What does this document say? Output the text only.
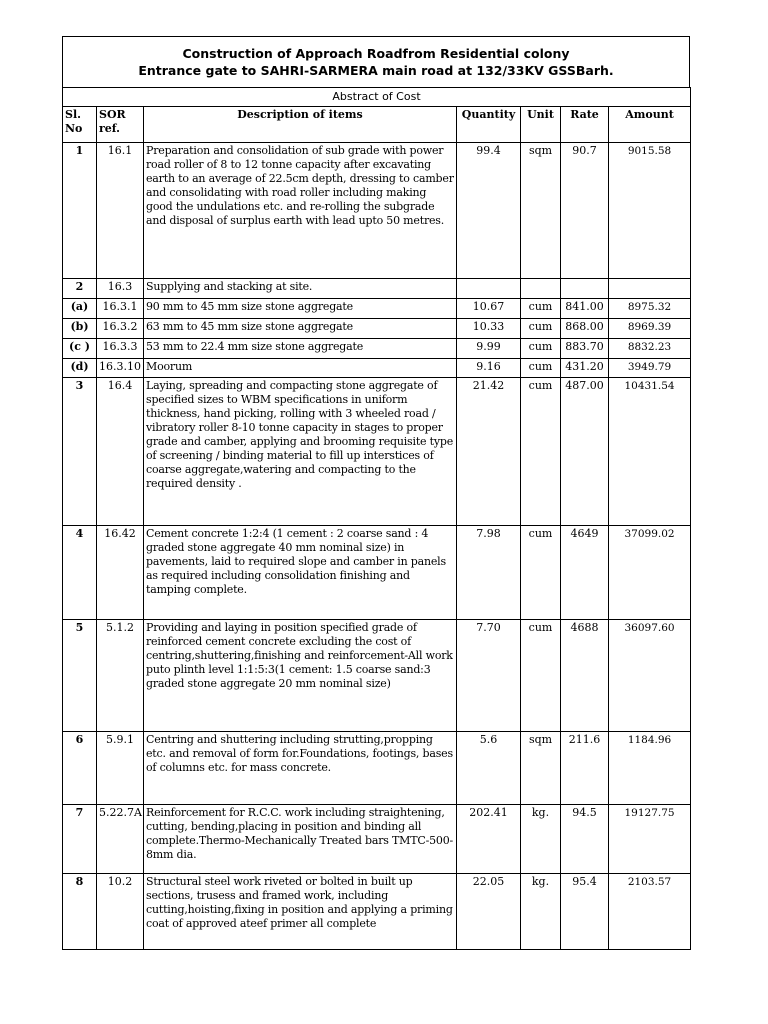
Construction of Approach Roadfrom Residential colony
Entrance gate to SAHRI-SARMERA main road at 132/33KV GSSBarh.
Abstract of Cost						
Sl. No	SOR ref.	Description of items	Quantity	Unit	Rate	Amount
1	16.1	Preparation and consolidation of sub grade with power road roller of 8 to 12 tonne capacity after excavating earth to an average of 22.5cm depth, dressing to camber and consolidating with road roller including making good the undulations etc. and re-rolling the subgrade and disposal of surplus earth with lead upto 50 metres.	99.4	sqm	90.7	9015.58
2	16.3	Supplying and stacking at site.				
(a)	16.3.1	90 mm to 45 mm size stone aggregate	10.67	cum	841.00	8975.32
(b)	16.3.2	63 mm to 45 mm size stone aggregate	10.33	cum	868.00	8969.39
(c )	16.3.3	53 mm to 22.4 mm size stone aggregate	9.99	cum	883.70	8832.23
(d)	16.3.10	Moorum	9.16	cum	431.20	3949.79
3	16.4	Laying, spreading and compacting stone aggregate of specified sizes to WBM specifications in uniform thickness, hand picking, rolling with 3 wheeled road / vibratory roller 8-10 tonne capacity in stages to proper grade and camber, applying and brooming requisite type of screening / binding material to fill up interstices of coarse aggregate,watering and compacting to the required density .	21.42	cum	487.00	10431.54
4	16.42	Cement concrete 1:2:4 (1 cement : 2 coarse sand : 4 graded stone aggregate 40 mm nominal size) in pavements, laid to required slope and camber in panels as required including consolidation finishing and tamping complete.	7.98	cum	4649	37099.02
5	5.1.2	Providing and laying in position specified grade of reinforced cement concrete excluding the cost of centring,shuttering,finishing and reinforcement-All work puto plinth level 1:1:5:3(1 cement: 1.5 coarse sand:3 graded stone aggregate 20 mm nominal size)	7.70	cum	4688	36097.60
6	5.9.1	Centring and shuttering including strutting,propping etc. and removal of form for.Foundations, footings, bases of columns etc. for mass concrete.	5.6	sqm	211.6	1184.96
7	5.22.7A	Reinforcement for R.C.C. work including straightening, cutting, bending,placing in position and binding all complete.Thermo-Mechanically Treated bars TMTC-500-8mm dia.	202.41	kg.	94.5	19127.75
8	10.2	Structural steel work riveted or bolted in built up sections, trusess and framed work, including cutting,hoisting,fixing in position and applying a priming coat of approved ateef primer all complete	22.05	kg.	95.4	2103.57
